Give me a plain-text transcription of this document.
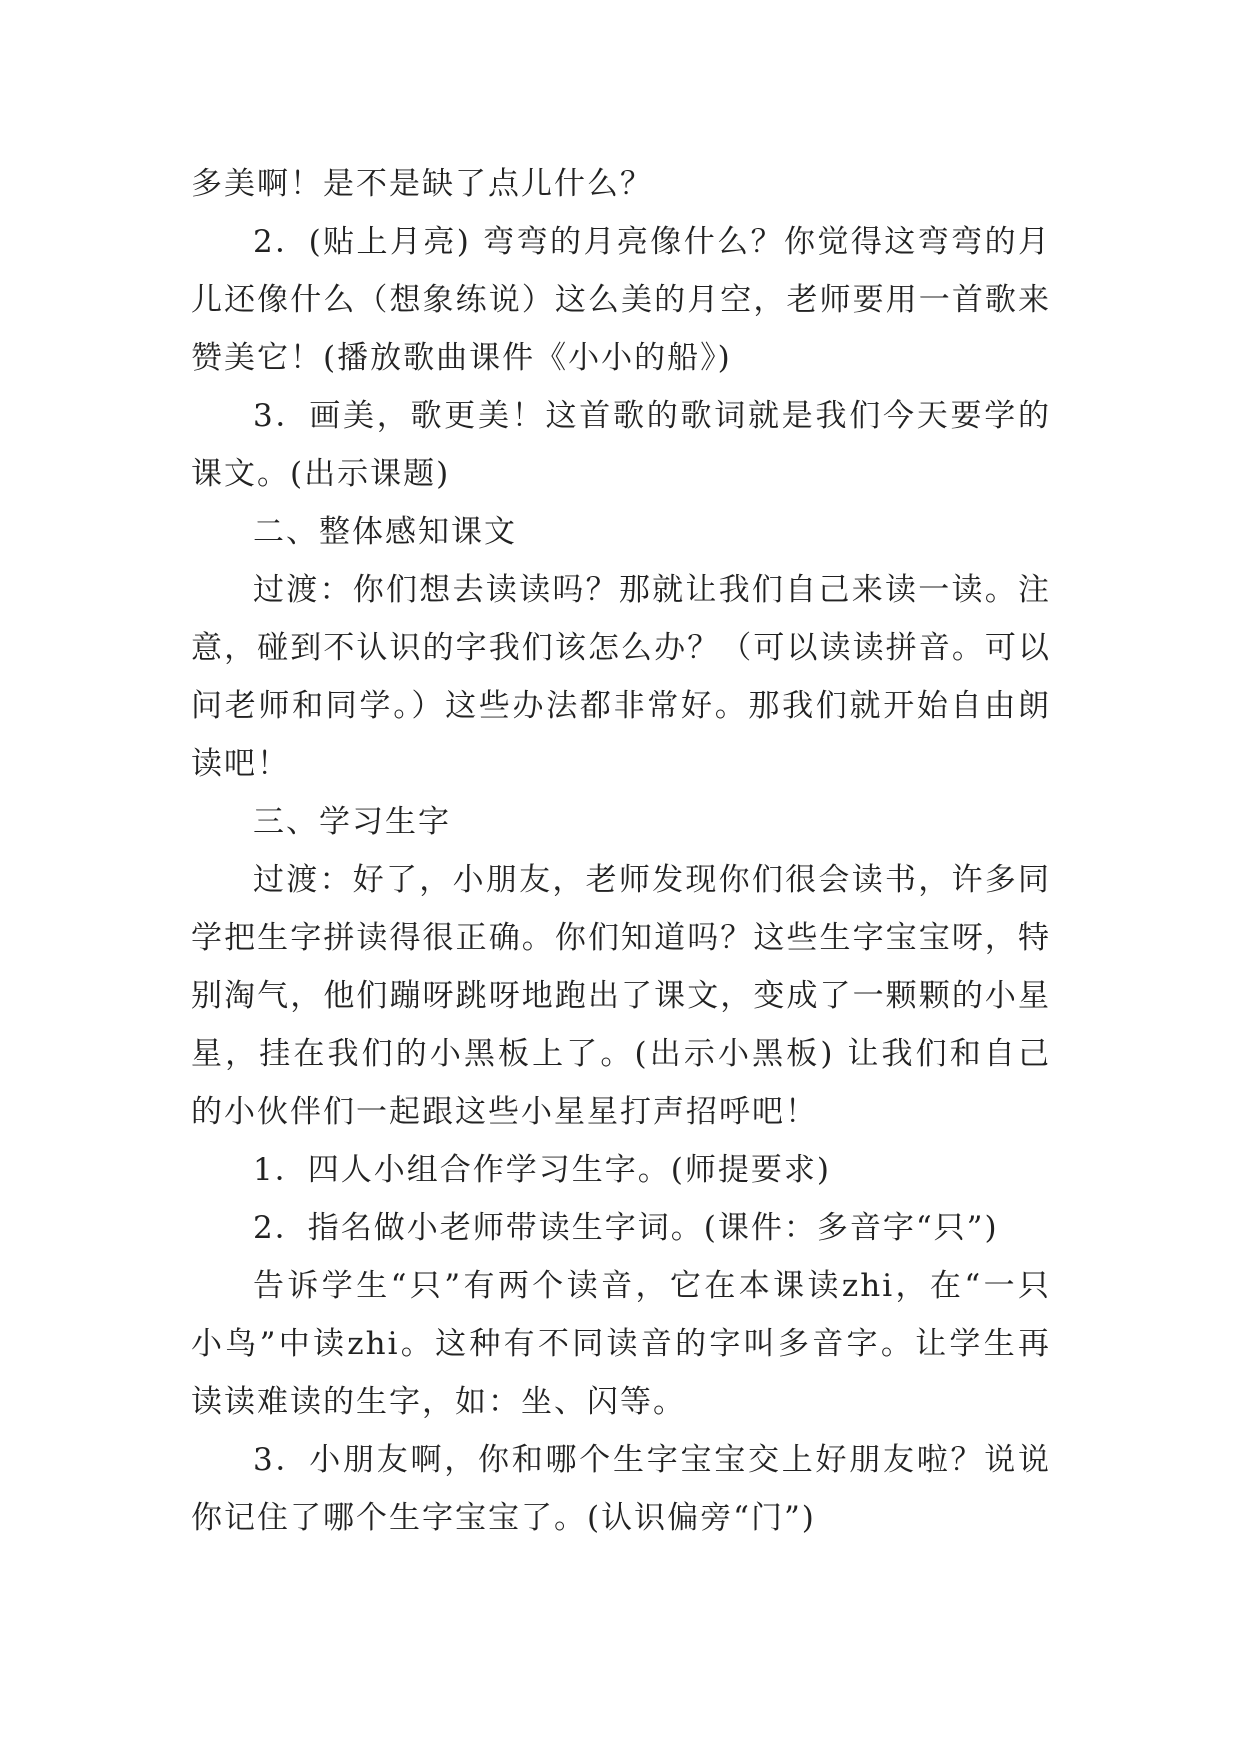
多美啊！是不是缺了点儿什么？

2．(贴上月亮) 弯弯的月亮像什么？你觉得这弯弯的月儿还像什么（想象练说）这么美的月空，老师要用一首歌来赞美它！(播放歌曲课件《小小的船》)

3．画美，歌更美！这首歌的歌词就是我们今天要学的课文。(出示课题)

二、整体感知课文

过渡：你们想去读读吗？那就让我们自己来读一读。注意，碰到不认识的字我们该怎么办？（可以读读拼音。可以问老师和同学。）这些办法都非常好。那我们就开始自由朗读吧！

三、学习生字

过渡：好了，小朋友，老师发现你们很会读书，许多同学把生字拼读得很正确。你们知道吗？这些生字宝宝呀，特别淘气，他们蹦呀跳呀地跑出了课文，变成了一颗颗的小星星，挂在我们的小黑板上了。(出示小黑板) 让我们和自己的小伙伴们一起跟这些小星星打声招呼吧！

1．四人小组合作学习生字。(师提要求)

2．指名做小老师带读生字词。(课件：多音字“只”)

告诉学生“只”有两个读音，它在本课读zhi，在“一只小鸟”中读zhi。这种有不同读音的字叫多音字。让学生再读读难读的生字，如：坐、闪等。

3．小朋友啊，你和哪个生字宝宝交上好朋友啦？说说你记住了哪个生字宝宝了。(认识偏旁“门”)
